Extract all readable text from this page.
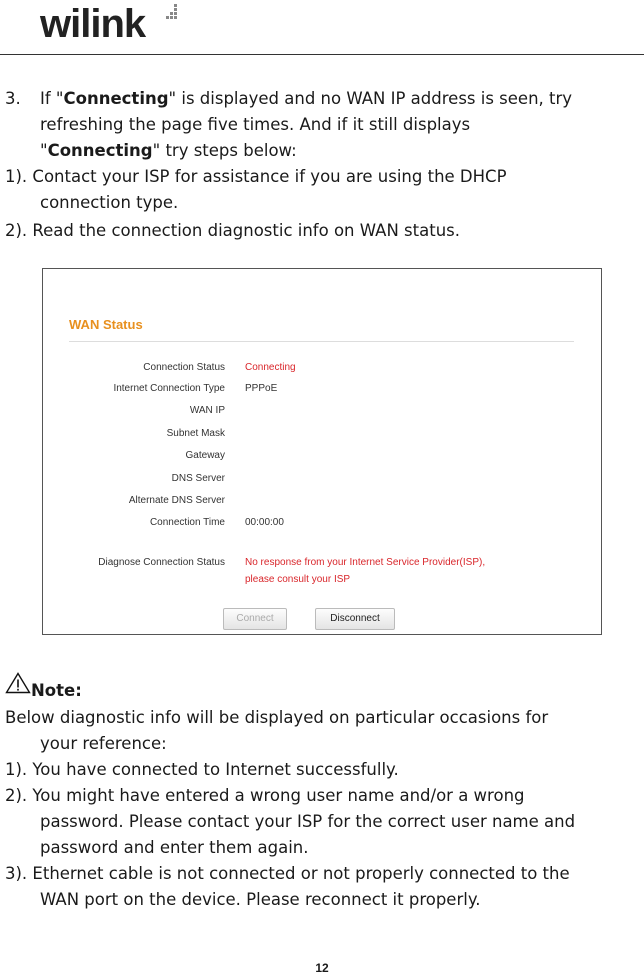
wilink
3. If "Connecting" is displayed and no WAN IP address is seen, try
refreshing the page five times. And if it still displays
"Connecting" try steps below:
1). Contact your ISP for assistance if you are using the DHCP
connection type.
2). Read the connection diagnostic info on WAN status.
WAN Status
Connection Status Connecting
Internet Connection Type PPPoE
WAN IP
Subnet Mask
Gateway
DNS Server
Alternate DNS Server
Connection Time 00:00:00
Diagnose Connection Status No response from your Internet Service Provider(ISP),
please consult your ISP
Connect	Disconnect
Note:
Below diagnostic info will be displayed on particular occasions for
your reference:
1). You have connected to Internet successfully.
2). You might have entered a wrong user name and/or a wrong
password. Please contact your ISP for the correct user name and
password and enter them again.
3). Ethernet cable is not connected or not properly connected to the
WAN port on the device. Please reconnect it properly.
12
